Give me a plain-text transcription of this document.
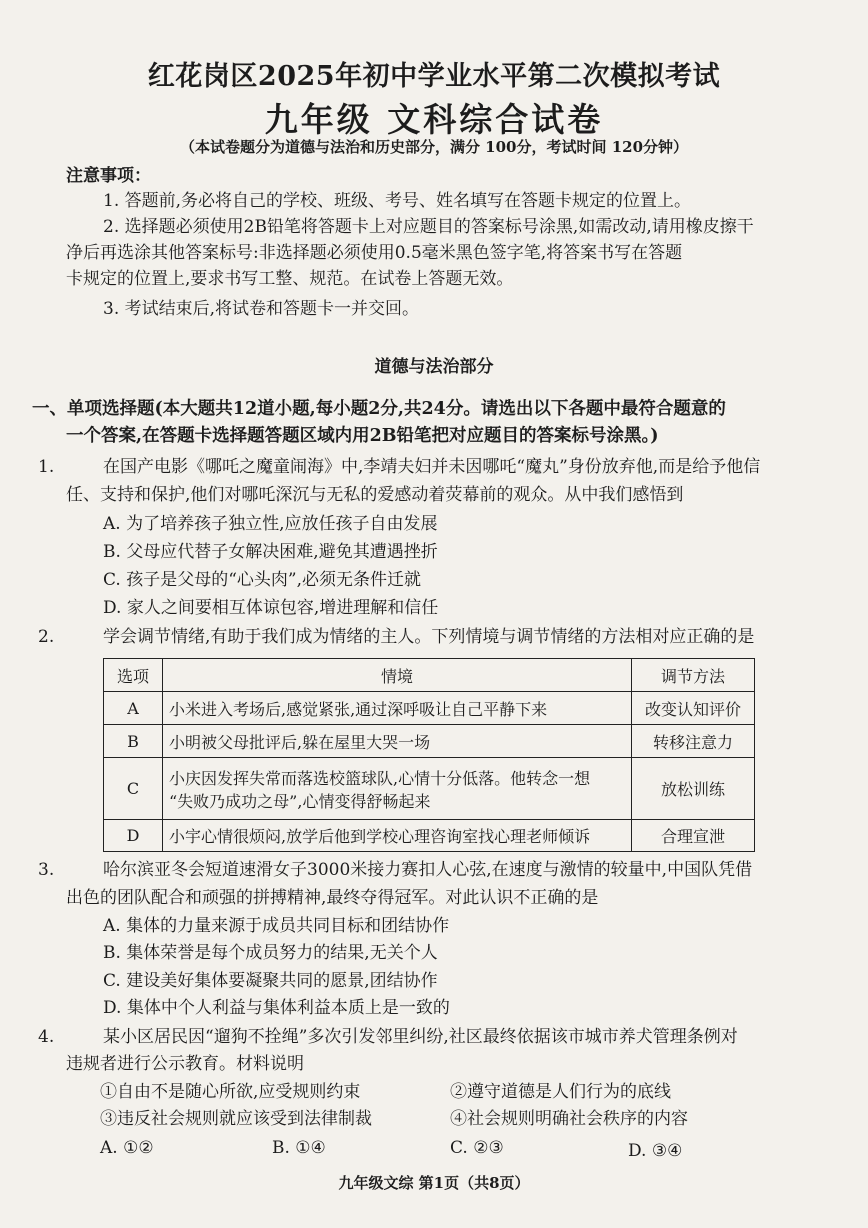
红花岗区2025年初中学业水平第二次模拟考试
九年级 文科综合试卷
（本试卷题分为道德与法治和历史部分，满分 100分，考试时间 120分钟）
注意事项：
1. 答题前,务必将自己的学校、班级、考号、姓名填写在答题卡规定的位置上。
2. 选择题必须使用2B铅笔将答题卡上对应题目的答案标号涂黑,如需改动,请用橡皮擦干
净后再选涂其他答案标号:非选择题必须使用0.5毫米黑色签字笔,将答案书写在答题
卡规定的位置上,要求书写工整、规范。在试卷上答题无效。
3. 考试结束后,将试卷和答题卡一并交回。
道德与法治部分
一、单项选择题(本大题共12道小题,每小题2分,共24分。请选出以下各题中最符合题意的
一个答案,在答题卡选择题答题区域内用2B铅笔把对应题目的答案标号涂黑。)
1.	在国产电影《哪吒之魔童闹海》中,李靖夫妇并未因哪吒“魔丸”身份放弃他,而是给予他信
任、支持和保护,他们对哪吒深沉与无私的爱感动着荧幕前的观众。从中我们感悟到
A. 为了培养孩子独立性,应放任孩子自由发展
B. 父母应代替子女解决困难,避免其遭遇挫折
C. 孩子是父母的“心头肉”,必须无条件迁就
D. 家人之间要相互体谅包容,增进理解和信任
2.	学会调节情绪,有助于我们成为情绪的主人。下列情境与调节情绪的方法相对应正确的是
选项	情境	调节方法
A	小米进入考场后,感觉紧张,通过深呼吸让自己平静下来	改变认知评价
B	小明被父母批评后,躲在屋里大哭一场	转移注意力
C	小庆因发挥失常而落选校篮球队,心情十分低落。他转念一想
“失败乃成功之母”,心情变得舒畅起来	放松训练
D	小宇心情很烦闷,放学后他到学校心理咨询室找心理老师倾诉	合理宣泄
3.	哈尔滨亚冬会短道速滑女子3000米接力赛扣人心弦,在速度与激情的较量中,中国队凭借
出色的团队配合和顽强的拼搏精神,最终夺得冠军。对此认识不正确的是
A. 集体的力量来源于成员共同目标和团结协作
B. 集体荣誉是每个成员努力的结果,无关个人
C. 建设美好集体要凝聚共同的愿景,团结协作
D. 集体中个人利益与集体利益本质上是一致的
4.	某小区居民因“遛狗不拴绳”多次引发邻里纠纷,社区最终依据该市城市养犬管理条例对
违规者进行公示教育。材料说明
①自由不是随心所欲,应受规则约束	②遵守道德是人们行为的底线
③违反社会规则就应该受到法律制裁	④社会规则明确社会秩序的内容
A. ①②	B. ①④	C. ②③	D. ③④
九年级文综 第1页（共8页）
